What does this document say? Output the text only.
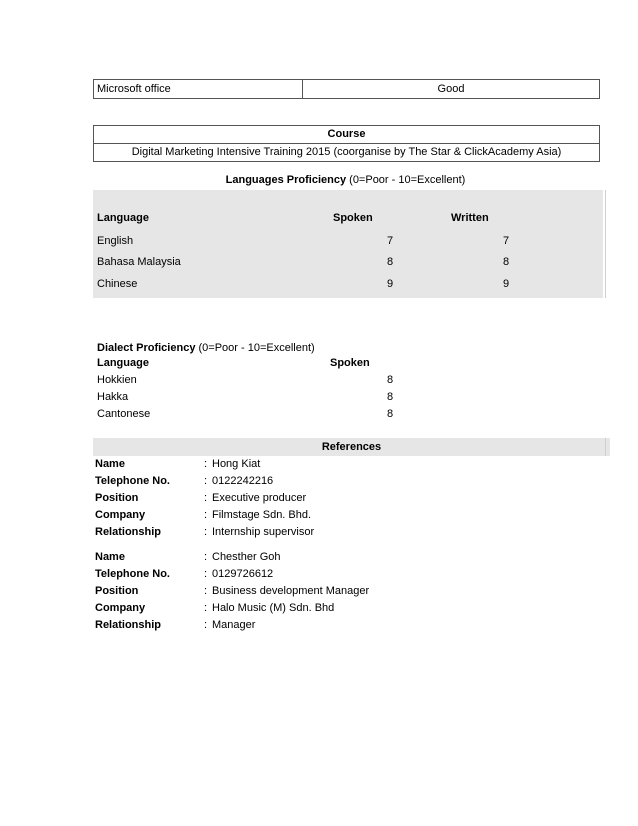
Microsoft office	Good
Course
Digital Marketing Intensive Training 2015 (coorganise by The Star & ClickAcademy Asia)
Languages Proficiency (0=Poor - 10=Excellent)
Language	Spoken	Written
English	7	7
Bahasa Malaysia	8	8
Chinese	9	9
Dialect Proficiency (0=Poor - 10=Excellent)
Language	Spoken
Hokkien	8
Hakka	8
Cantonese	8
References
Name	: Hong Kiat
Telephone No.	: 0122242216
Position	: Executive producer
Company	: Filmstage Sdn. Bhd.
Relationship	: Internship supervisor
Name	: Chesther Goh
Telephone No.	: 0129726612
Position	: Business development Manager
Company	: Halo Music (M) Sdn. Bhd
Relationship	: Manager
